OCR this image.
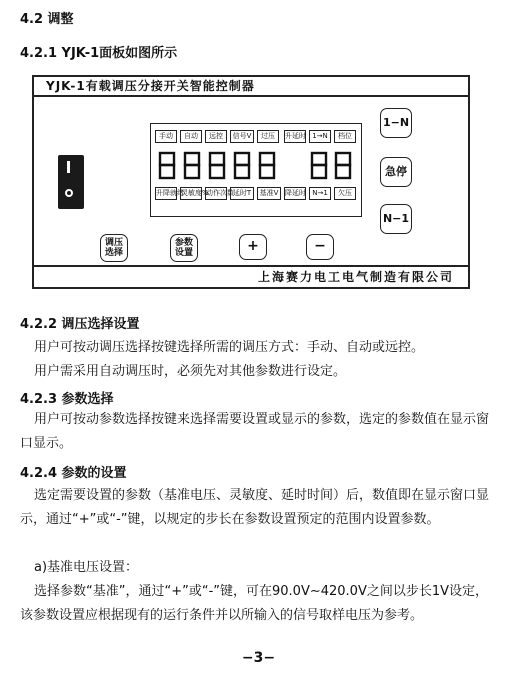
4.2 调整
4.2.1 YJK-1面板如图所示
YJK-1有载调压分接开关智能控制器
手动	自动	远控	信号V	过压	升延时 1→N	档位
升降就绪
灵敏度%
动作次数
延时T	基准V 降延时 N→1	欠压
1−N
急停
N−1
调压
选择
参数
设置	+	−
上海赛力电工电气制造有限公司
4.2.2 调压选择设置
用户可按动调压选择按键选择所需的调压方式：手动、自动或远控。
用户需采用自动调压时，必须先对其他参数进行设定。
4.2.3 参数选择
用户可按动参数选择按键来选择需要设置或显示的参数，选定的参数值在显示窗口显示。
4.2.4 参数的设置
选定需要设置的参数（基准电压、灵敏度、延时时间）后，数值即在显示窗口显示，通过“+”或“-”键，以规定的步长在参数设置预定的范围内设置参数。
a)基准电压设置：
选择参数“基准”，通过“+”或“-”键，可在90.0V∼420.0V之间以步长1V设定，该参数设置应根据现有的运行条件并以所输入的信号取样电压为参考。
−3−
